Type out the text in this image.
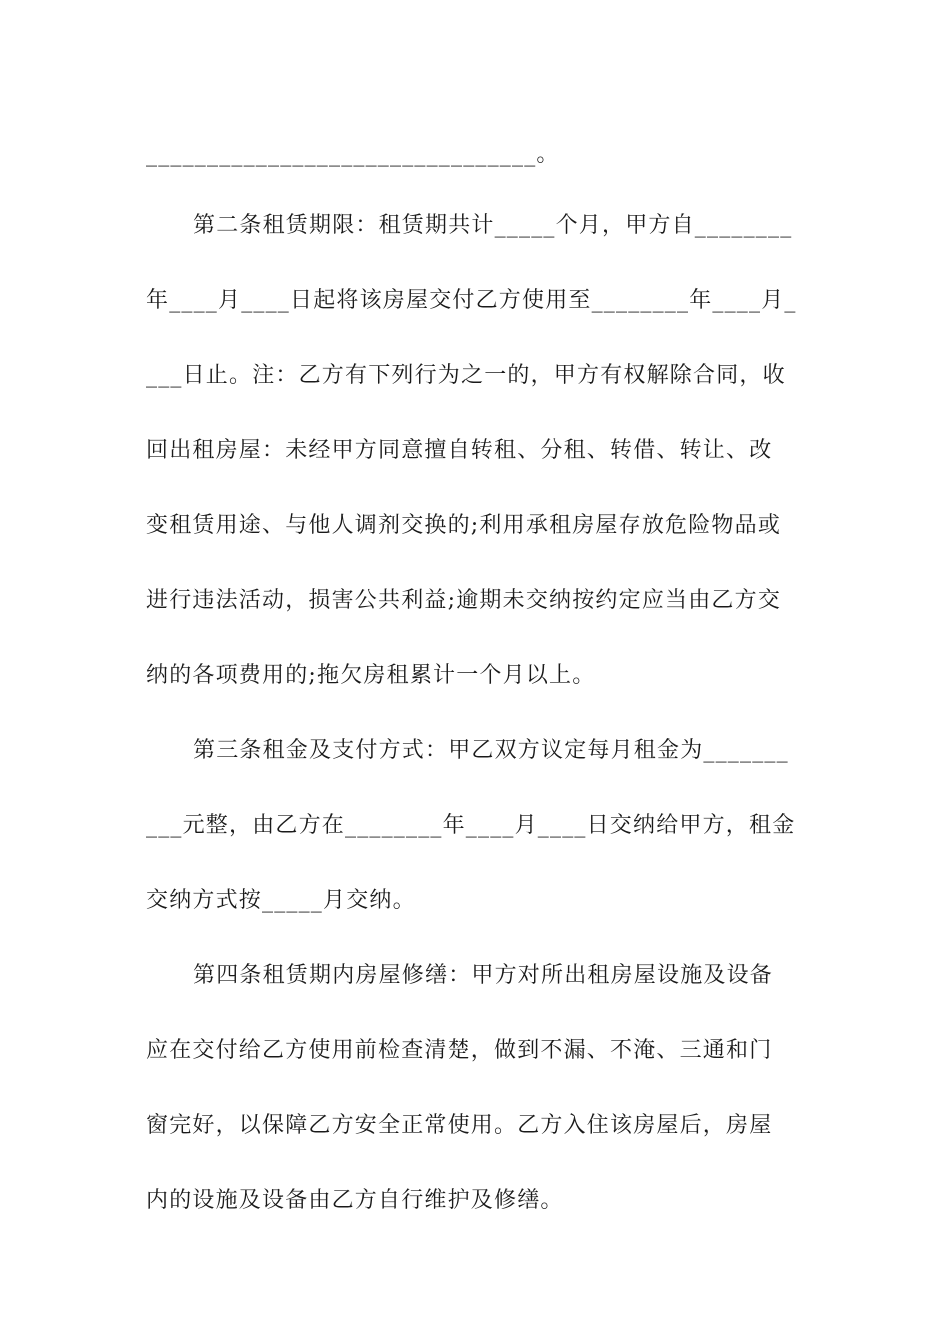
________________________________。
第二条租赁期限：租赁期共计_____个月，甲方自________
年____月____日起将该房屋交付乙方使用至________年____月_
___日止。注：乙方有下列行为之一的，甲方有权解除合同，收
回出租房屋：未经甲方同意擅自转租、分租、转借、转让、改
变租赁用途、与他人调剂交换的;利用承租房屋存放危险物品或
进行违法活动，损害公共利益;逾期未交纳按约定应当由乙方交
纳的各项费用的;拖欠房租累计一个月以上。
第三条租金及支付方式：甲乙双方议定每月租金为_______
___元整，由乙方在________年____月____日交纳给甲方，租金
交纳方式按_____月交纳。
第四条租赁期内房屋修缮：甲方对所出租房屋设施及设备
应在交付给乙方使用前检查清楚，做到不漏、不淹、三通和门
窗完好，以保障乙方安全正常使用。乙方入住该房屋后，房屋
内的设施及设备由乙方自行维护及修缮。
